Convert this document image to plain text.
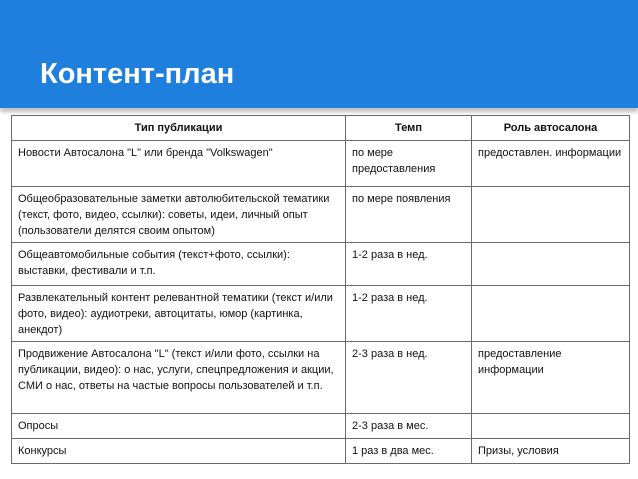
Контент-план
Тип публикации	Темп	Роль автосалона
Новости Автосалона "L" или бренда "Volkswagen"	по мере предоставления	предоставлен. информации
Общеобразовательные заметки автолюбительской тематики (текст, фото, видео, ссылки): советы, идеи, личный опыт (пользователи делятся своим опытом)	по мере появления	
Общеавтомобильные события (текст+фото, ссылки): выставки, фестивали и т.п.	1-2 раза в нед.	
Развлекательный контент релевантной тематики (текст и/или фото, видео): аудиотреки, автоцитаты, юмор (картинка, анекдот)	1-2 раза в нед.	
Продвижение Автосалона "L" (текст и/или фото, ссылки на публикации, видео): о нас, услуги, спецпредложения и акции, СМИ о нас, ответы на частые вопросы пользователей и т.п.	2-3 раза в нед.	предоставление информации
Опросы	2-3 раза в мес.	
Конкурсы	1 раз в два мес.	Призы, условия
